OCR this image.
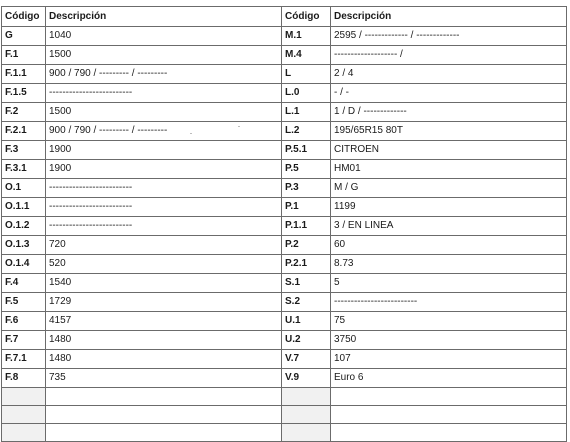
Código	Descripción
G	1040
F.1	1500
F.1.1	900 / 790 / --------- / ---------
F.1.5	-------------------------
F.2	1500
F.2.1	900 / 790 / --------- / ---------
F.3	1900
F.3.1	1900
O.1	-------------------------
O.1.1	-------------------------
O.1.2	-------------------------
O.1.3	720
O.1.4	520
F.4	1540
F.5	1729
F.6	4157
F.7	1480
F.7.1	1480
F.8	735

Código	Descripción
M.1	2595 / ------------- / -------------
M.4	------------------- /
L	2 / 4
L.0	- / -
L.1	1 / D / -------------
L.2	195/65R15 80T
P.5.1	CITROEN
P.5	HM01
P.3	M / G
P.1	1199
P.1.1	3 / EN LINEA
P.2	60
P.2.1	8.73
S.1	5
S.2	-------------------------
U.1	75
U.2	3750
V.7	107
V.9	Euro 6
